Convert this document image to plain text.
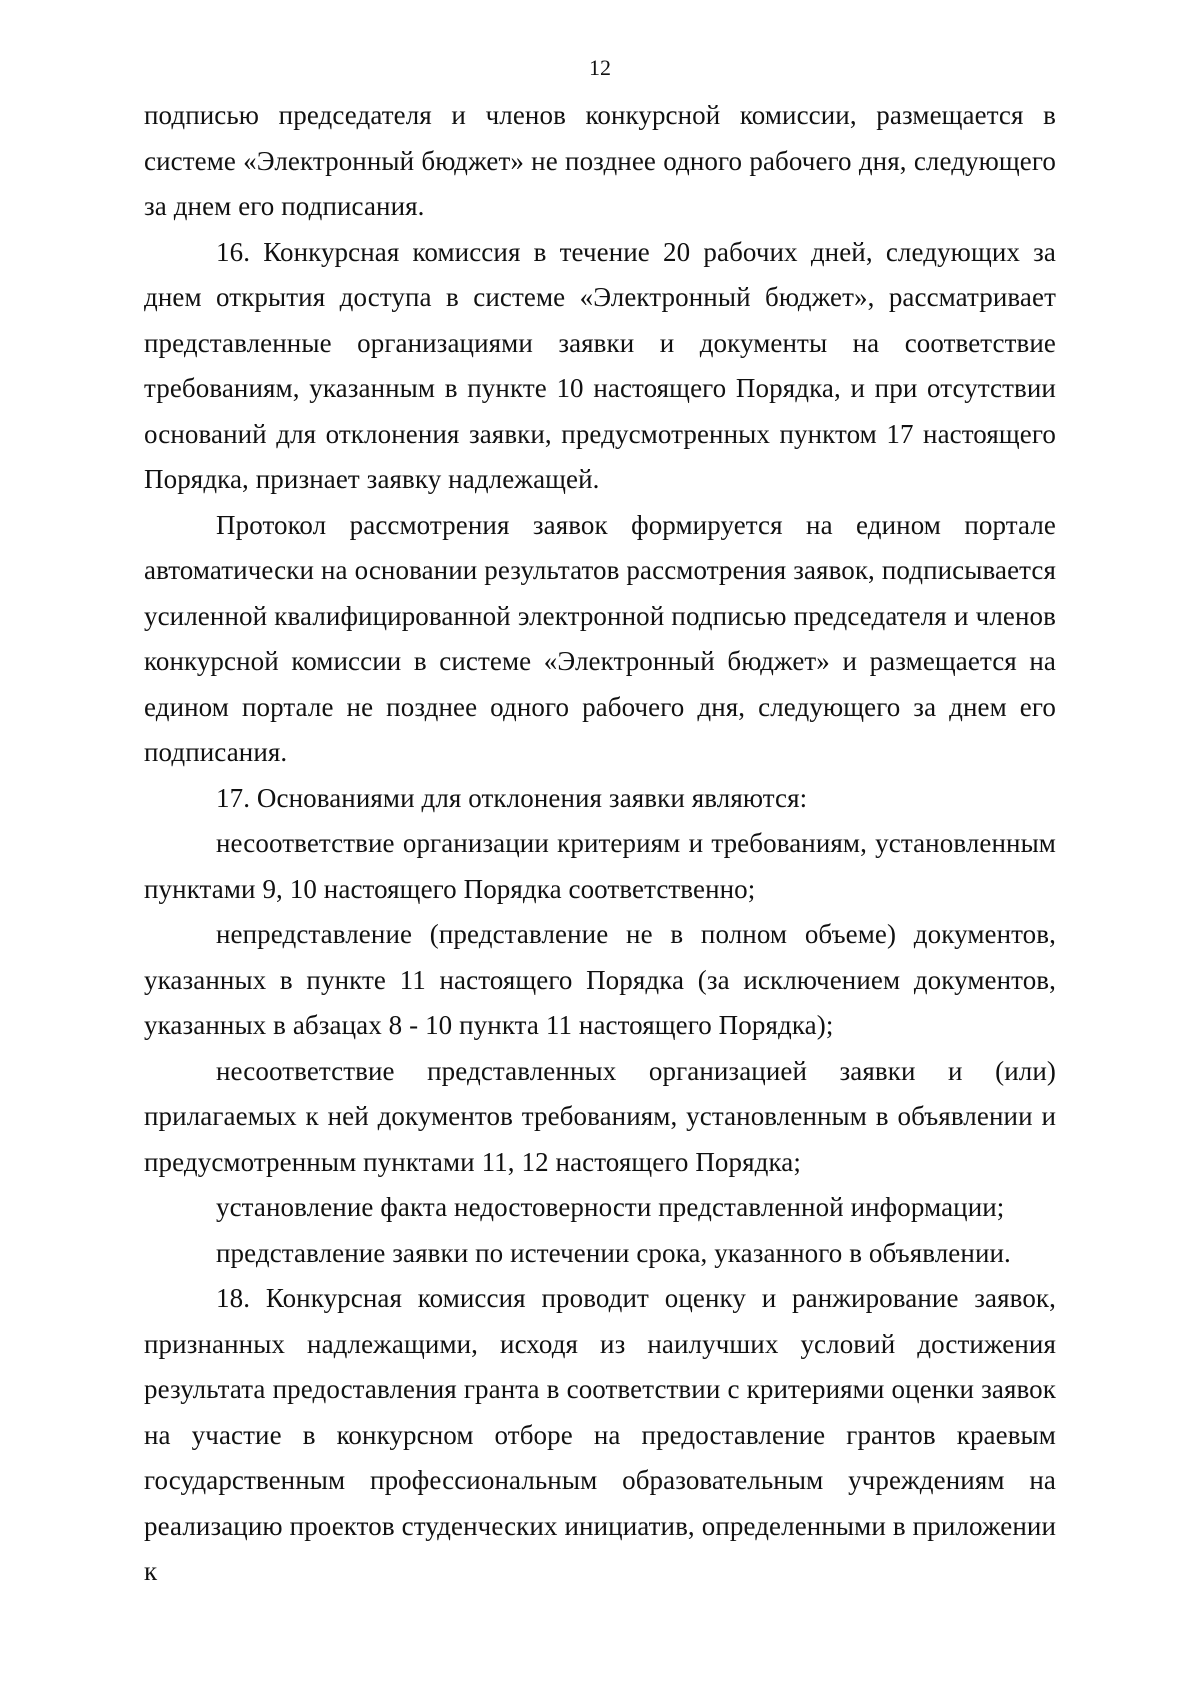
12

подписью председателя и членов конкурсной комиссии, размещается в системе «Электронный бюджет» не позднее одного рабочего дня, следующего за днем его подписания.

16. Конкурсная комиссия в течение 20 рабочих дней, следующих за днем открытия доступа в системе «Электронный бюджет», рассматривает представленные организациями заявки и документы на соответствие требованиям, указанным в пункте 10 настоящего Порядка, и при отсутствии оснований для отклонения заявки, предусмотренных пунктом 17 настоящего Порядка, признает заявку надлежащей.

Протокол рассмотрения заявок формируется на едином портале автоматически на основании результатов рассмотрения заявок, подписывается усиленной квалифицированной электронной подписью председателя и членов конкурсной комиссии в системе «Электронный бюджет» и размещается на едином портале не позднее одного рабочего дня, следующего за днем его подписания.

17. Основаниями для отклонения заявки являются:

несоответствие организации критериям и требованиям, установленным пунктами 9, 10 настоящего Порядка соответственно;

непредставление (представление не в полном объеме) документов, указанных в пункте 11 настоящего Порядка (за исключением документов, указанных в абзацах 8 - 10 пункта 11 настоящего Порядка);

несоответствие представленных организацией заявки и (или) прилагаемых к ней документов требованиям, установленным в объявлении и предусмотренным пунктами 11, 12 настоящего Порядка;

установление факта недостоверности представленной информации;

представление заявки по истечении срока, указанного в объявлении.

18. Конкурсная комиссия проводит оценку и ранжирование заявок, признанных надлежащими, исходя из наилучших условий достижения результата предоставления гранта в соответствии с критериями оценки заявок на участие в конкурсном отборе на предоставление грантов краевым государственным профессиональным образовательным учреждениям на реализацию проектов студенческих инициатив, определенными в приложении к
